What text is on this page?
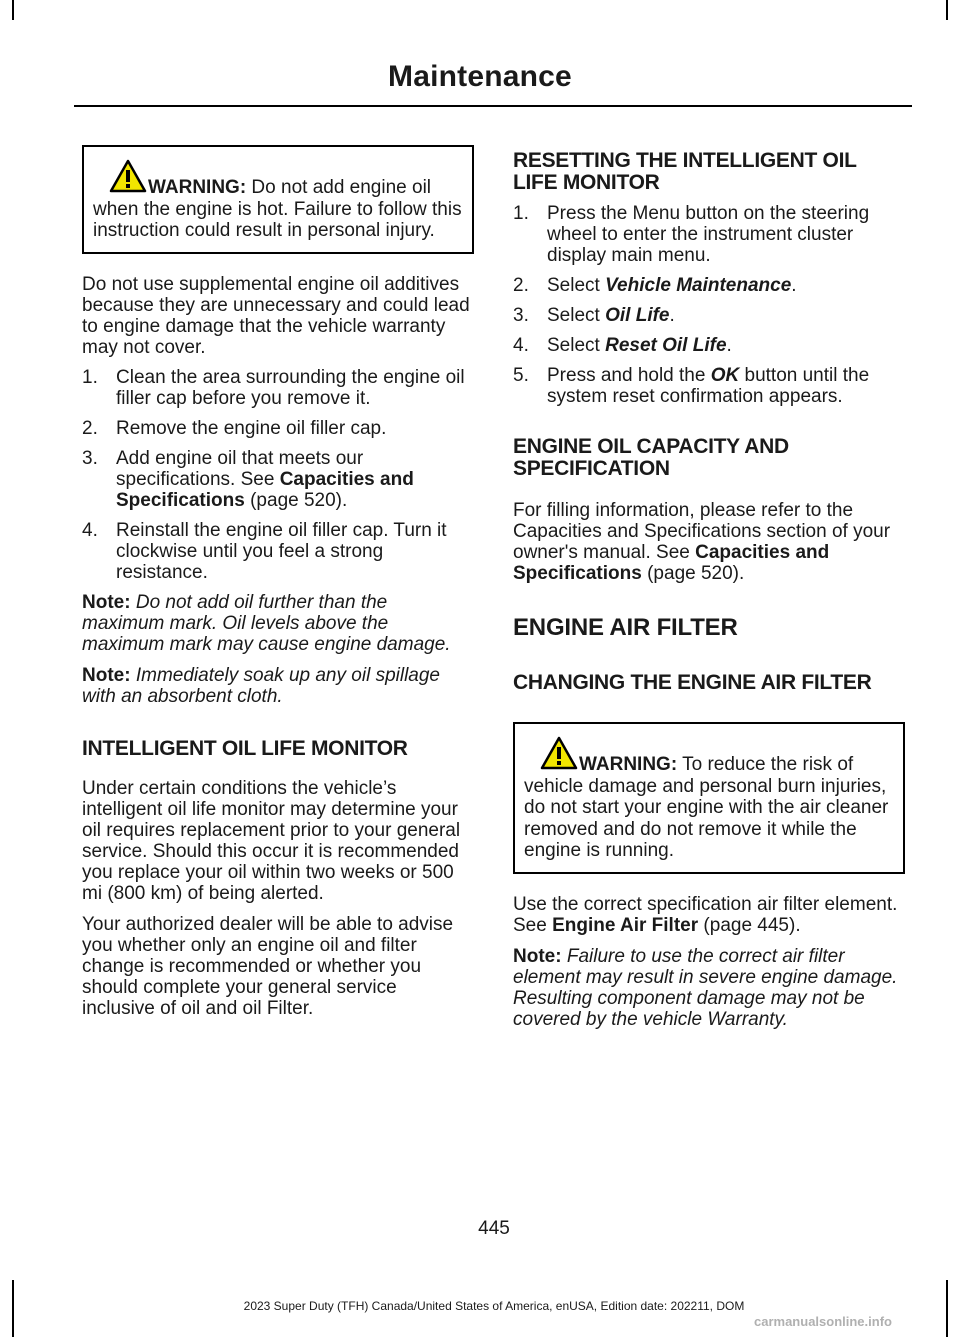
Maintenance

WARNING: Do not add engine oil when the engine is hot. Failure to follow this instruction could result in personal injury.

Do not use supplemental engine oil additives because they are unnecessary and could lead to engine damage that the vehicle warranty may not cover.

1. Clean the area surrounding the engine oil filler cap before you remove it.
2. Remove the engine oil filler cap.
3. Add engine oil that meets our specifications. See Capacities and Specifications (page 520).
4. Reinstall the engine oil filler cap. Turn it clockwise until you feel a strong resistance.

Note: Do not add oil further than the maximum mark. Oil levels above the maximum mark may cause engine damage.

Note: Immediately soak up any oil spillage with an absorbent cloth.

INTELLIGENT OIL LIFE MONITOR

Under certain conditions the vehicle’s intelligent oil life monitor may determine your oil requires replacement prior to your general service. Should this occur it is recommended you replace your oil within two weeks or 500 mi (800 km) of being alerted.

Your authorized dealer will be able to advise you whether only an engine oil and filter change is recommended or whether you should complete your general service inclusive of oil and oil Filter.

RESETTING THE INTELLIGENT OIL LIFE MONITOR
1. Press the Menu button on the steering wheel to enter the instrument cluster display main menu.
2. Select Vehicle Maintenance.
3. Select Oil Life.
4. Select Reset Oil Life.
5. Press and hold the OK button until the system reset confirmation appears.
ENGINE OIL CAPACITY AND SPECIFICATION

For filling information, please refer to the Capacities and Specifications section of your owner's manual. See Capacities and Specifications (page 520).

ENGINE AIR FILTER
CHANGING THE ENGINE AIR FILTER

WARNING: To reduce the risk of vehicle damage and personal burn injuries, do not start your engine with the air cleaner removed and do not remove it while the engine is running.

Use the correct specification air filter element. See Engine Air Filter (page 445).

Note: Failure to use the correct air filter element may result in severe engine damage. Resulting component damage may not be covered by the vehicle Warranty.

445
2023 Super Duty (TFH) Canada/United States of America, enUSA, Edition date: 202211, DOM
carmanualsonline.info
